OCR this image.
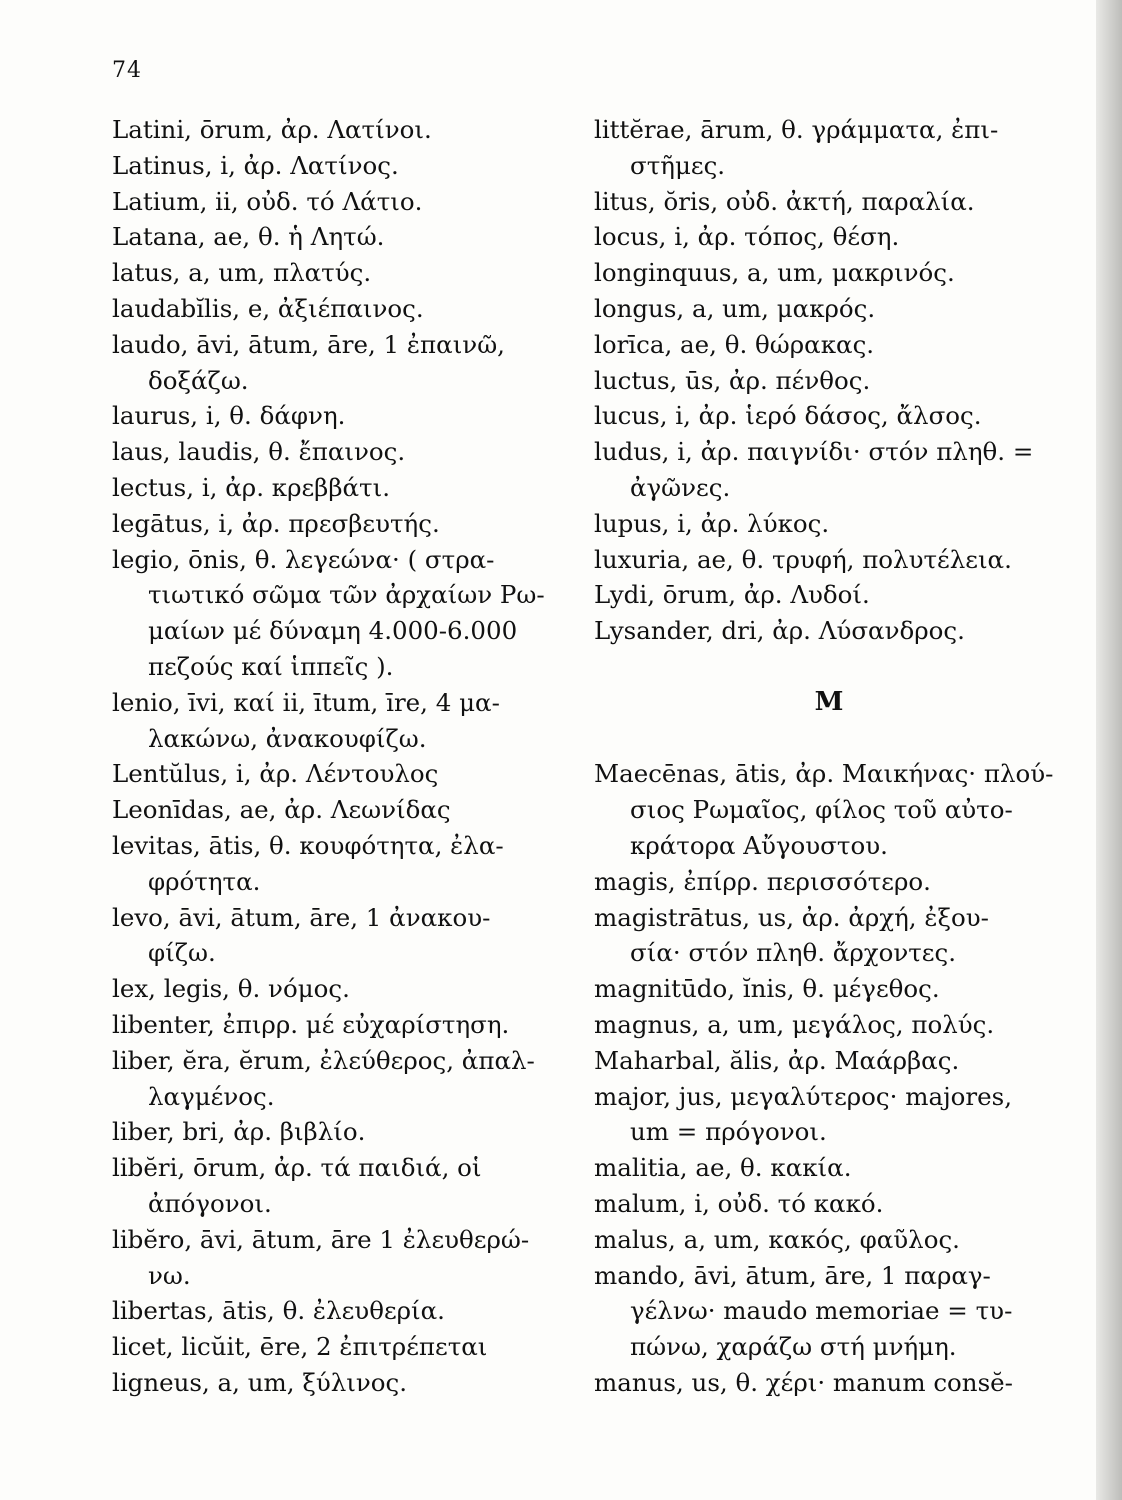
74
Latini, ōrum, ἀρ. Λατίνοι.
Latinus, i, ἀρ. Λατίνος.
Latium, ii, οὐδ. τό Λάτιο.
Latana, ae, θ. ἡ Λητώ.
latus, a, um, πλατύς.
laudabĭlis, e, ἀξιέπαινος.
laudo, āvi, ātum, āre, 1 ἐπαινῶ,
δοξάζω.
laurus, i, θ. δάφνη.
laus, laudis, θ. ἔπαινος.
lectus, i, ἀρ. κρεββάτι.
legātus, i, ἀρ. πρεσβευτής.
legio, ōnis, θ. λεγεώνα· ( στρα-
τιωτικό σῶμα τῶν ἀρχαίων Ρω-
μαίων μέ δύναμη 4.000-6.000
πεζούς καί ἱππεῖς ).
lenio, īvi, καί ii, ītum, īre, 4 μα-
λακώνω, ἀνακουφίζω.
Lentŭlus, i, ἀρ. Λέντουλος
Leonīdas, ae, ἀρ. Λεωνίδας
levitas, ātis, θ. κουφότητα, ἐλα-
φρότητα.
levo, āvi, ātum, āre, 1 ἀνακου-
φίζω.
lex, legis, θ. νόμος.
libenter, ἐπιρρ. μέ εὐχαρίστηση.
liber, ĕra, ĕrum, ἐλεύθερος, ἀπαλ-
λαγμένος.
liber, bri, ἀρ. βιβλίο.
libĕri, ōrum, ἀρ. τά παιδιά, οἱ
ἀπόγονοι.
libĕro, āvi, ātum, āre 1 ἐλευθερώ-
νω.
libertas, ātis, θ. ἐλευθερία.
licet, licŭit, ēre, 2 ἐπιτρέπεται
ligneus, a, um, ξύλινος.
littĕrae, ārum, θ. γράμματα, ἐπι-
στῆμες.
litus, ŏris, οὐδ. ἀκτή, παραλία.
locus, i, ἀρ. τόπος, θέση.
longinquus, a, um, μακρινός.
longus, a, um, μακρός.
lorīca, ae, θ. θώρακας.
luctus, ūs, ἀρ. πένθος.
lucus, i, ἀρ. ἱερό δάσος, ἄλσος.
ludus, i, ἀρ. παιγνίδι· στόν πληθ. =
ἀγῶνες.
lupus, i, ἀρ. λύκος.
luxuria, ae, θ. τρυφή, πολυτέλεια.
Lydi, ōrum, ἀρ. Λυδοί.
Lysander, dri, ἀρ. Λύσανδρος.
M
Maecēnas, ātis, ἀρ. Μαικήνας· πλού-
σιος Ρωμαῖος, φίλος τοῦ αὐτο-
κράτορα Αὔγουστου.
magis, ἐπίρρ. περισσότερο.
magistrātus, us, ἀρ. ἀρχή, ἐξου-
σία· στόν πληθ. ἄρχοντες.
magnitūdo, ĭnis, θ. μέγεθος.
magnus, a, um, μεγάλος, πολύς.
Maharbal, ălis, ἀρ. Μαάρβας.
major, jus, μεγαλύτερος· majores,
um = πρόγονοι.
malitia, ae, θ. κακία.
malum, i, οὐδ. τό κακό.
malus, a, um, κακός, φαῦλος.
mando, āvi, ātum, āre, 1 παραγ-
γέλνω· maudo memoriae = τυ-
πώνω, χαράζω στή μνήμη.
manus, us, θ. χέρι· manum consĕ-
